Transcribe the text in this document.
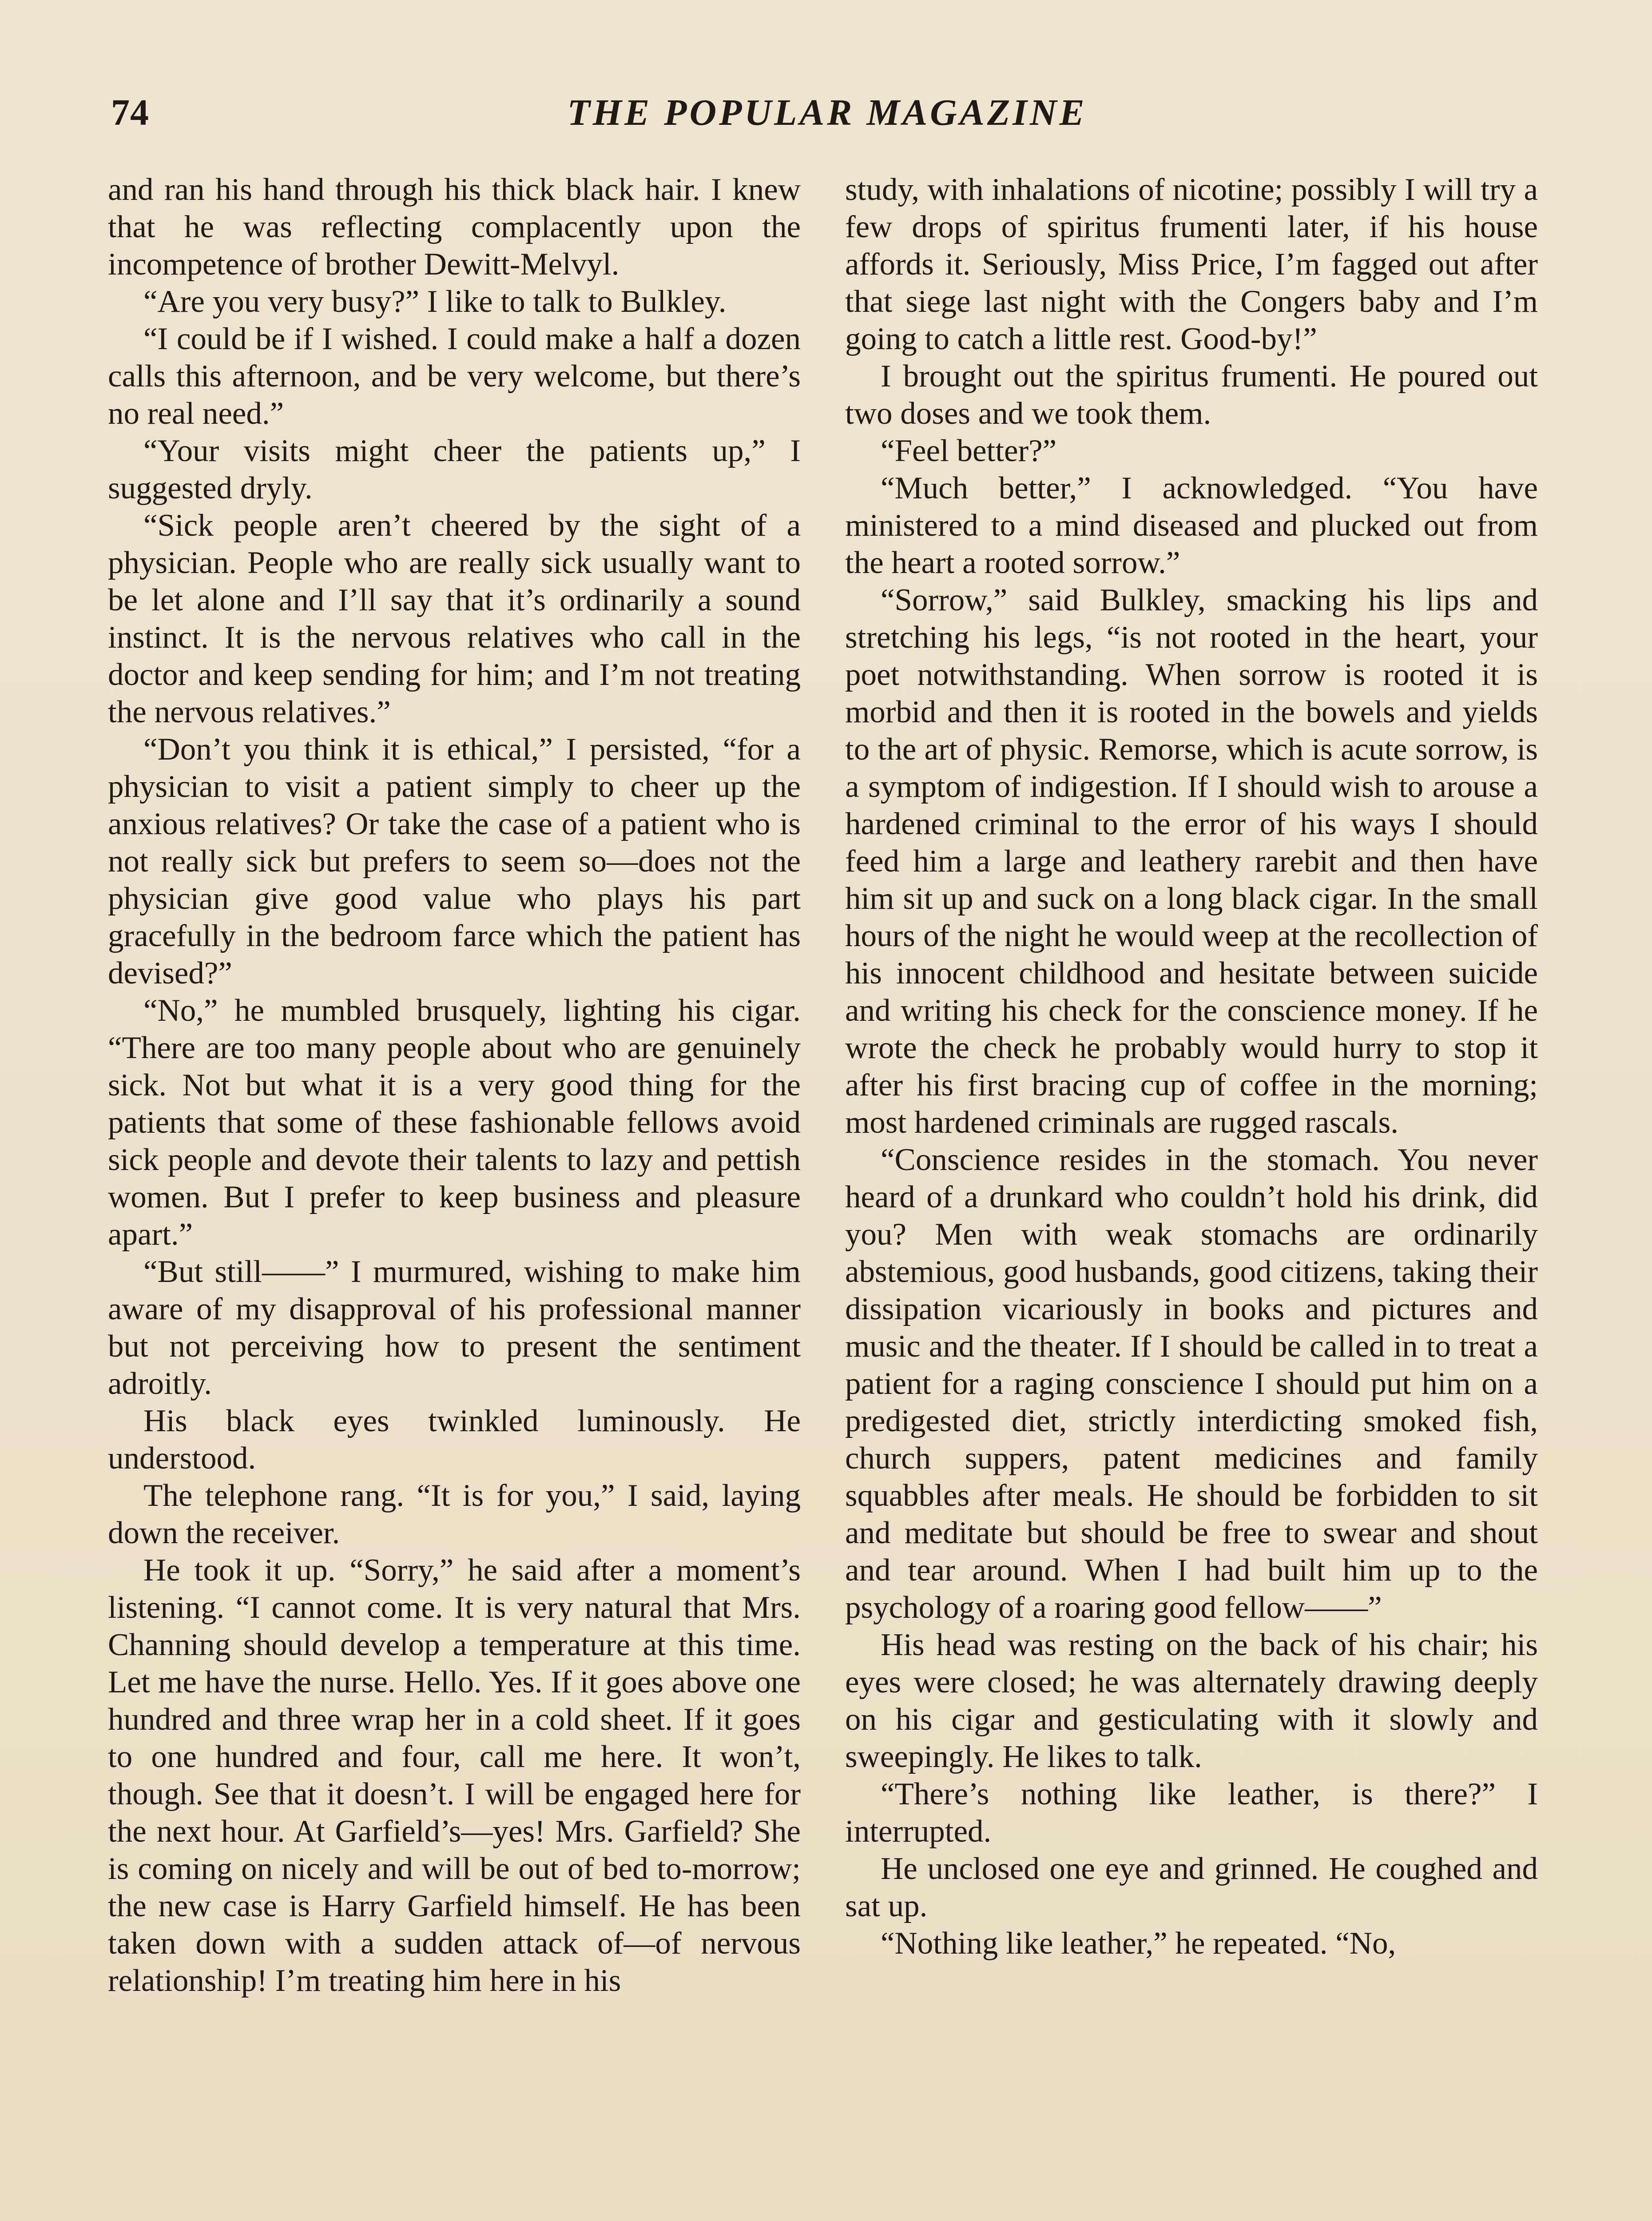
74	THE POPULAR MAGAZINE

and ran his hand through his thick black hair. I knew that he was reflecting complacently upon the incompetence of brother Dewitt-Melvyl.

“Are you very busy?” I like to talk to Bulkley.

“I could be if I wished. I could make a half a dozen calls this afternoon, and be very welcome, but there’s no real need.”

“Your visits might cheer the patients up,” I suggested dryly.

“Sick people aren’t cheered by the sight of a physician. People who are really sick usually want to be let alone and I’ll say that it’s ordinarily a sound instinct. It is the nervous relatives who call in the doctor and keep sending for him; and I’m not treating the nervous relatives.”

“Don’t you think it is ethical,” I persisted, “for a physician to visit a patient simply to cheer up the anxious relatives? Or take the case of a patient who is not really sick but prefers to seem so—does not the physician give good value who plays his part gracefully in the bedroom farce which the patient has devised?”

“No,” he mumbled brusquely, lighting his cigar. “There are too many people about who are genuinely sick. Not but what it is a very good thing for the patients that some of these fashionable fellows avoid sick people and devote their talents to lazy and pettish women. But I prefer to keep business and pleasure apart.”

“But still——” I murmured, wishing to make him aware of my disapproval of his professional manner but not perceiving how to present the sentiment adroitly.

His black eyes twinkled luminously. He understood.

The telephone rang. “It is for you,” I said, laying down the receiver.

He took it up. “Sorry,” he said after a moment’s listening. “I cannot come. It is very natural that Mrs. Channing should develop a temperature at this time. Let me have the nurse. Hello. Yes. If it goes above one hundred and three wrap her in a cold sheet. If it goes to one hundred and four, call me here. It won’t, though. See that it doesn’t. I will be engaged here for the next hour. At Garfield’s—yes! Mrs. Garfield? She is coming on nicely and will be out of bed to-morrow; the new case is Harry Garfield himself. He has been taken down with a sudden attack of—of nervous relationship! I’m treating him here in his

study, with inhalations of nicotine; possibly I will try a few drops of spiritus frumenti later, if his house affords it. Seriously, Miss Price, I’m fagged out after that siege last night with the Congers baby and I’m going to catch a little rest. Good-by!”

I brought out the spiritus frumenti. He poured out two doses and we took them.

“Feel better?”

“Much better,” I acknowledged. “You have ministered to a mind diseased and plucked out from the heart a rooted sorrow.”

“Sorrow,” said Bulkley, smacking his lips and stretching his legs, “is not rooted in the heart, your poet notwithstanding. When sorrow is rooted it is morbid and then it is rooted in the bowels and yields to the art of physic. Remorse, which is acute sorrow, is a symptom of indigestion. If I should wish to arouse a hardened criminal to the error of his ways I should feed him a large and leathery rarebit and then have him sit up and suck on a long black cigar. In the small hours of the night he would weep at the recollection of his innocent childhood and hesitate between suicide and writing his check for the conscience money. If he wrote the check he probably would hurry to stop it after his first bracing cup of coffee in the morning; most hardened criminals are rugged rascals.

“Conscience resides in the stomach. You never heard of a drunkard who couldn’t hold his drink, did you? Men with weak stomachs are ordinarily abstemious, good husbands, good citizens, taking their dissipation vicariously in books and pictures and music and the theater. If I should be called in to treat a patient for a raging conscience I should put him on a predigested diet, strictly interdicting smoked fish, church suppers, patent medicines and family squabbles after meals. He should be forbidden to sit and meditate but should be free to swear and shout and tear around. When I had built him up to the psychology of a roaring good fellow——”

His head was resting on the back of his chair; his eyes were closed; he was alternately drawing deeply on his cigar and gesticulating with it slowly and sweepingly. He likes to talk.

“There’s nothing like leather, is there?” I interrupted.

He unclosed one eye and grinned. He coughed and sat up.

“Nothing like leather,” he repeated. “No,
